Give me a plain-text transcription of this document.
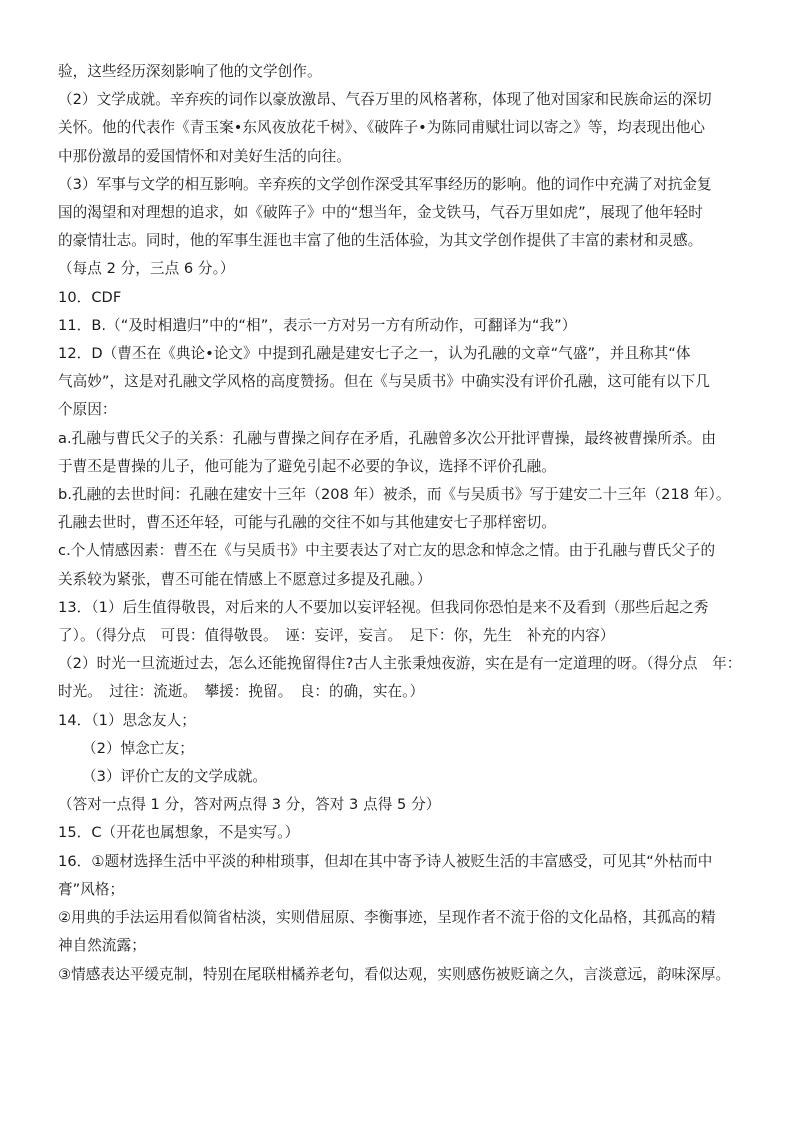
验，这些经历深刻影响了他的文学创作。
（2）文学成就。辛弃疾的词作以豪放激昂、气吞万里的风格著称，体现了他对国家和民族命运的深切
关怀。他的代表作《青玉案•东风夜放花千树》、《破阵子•为陈同甫赋壮词以寄之》等，均表现出他心
中那份激昂的爱国情怀和对美好生活的向往。
（3）军事与文学的相互影响。辛弃疾的文学创作深受其军事经历的影响。他的词作中充满了对抗金复
国的渴望和对理想的追求，如《破阵子》中的“想当年，金戈铁马，气吞万里如虎”，展现了他年轻时
的豪情壮志。同时，他的军事生涯也丰富了他的生活体验，为其文学创作提供了丰富的素材和灵感。
（每点 2 分，三点 6 分。）
10．CDF
11．B.（“及时相遣归”中的“相”，表示一方对另一方有所动作，可翻译为“我”）
12．D（曹丕在《典论•论文》中提到孔融是建安七子之一，认为孔融的文章“气盛”，并且称其“体
气高妙”，这是对孔融文学风格的高度赞扬。但在《与吴质书》中确实没有评价孔融，这可能有以下几
个原因：
a.孔融与曹氏父子的关系：孔融与曹操之间存在矛盾，孔融曾多次公开批评曹操，最终被曹操所杀。由
于曹丕是曹操的儿子，他可能为了避免引起不必要的争议，选择不评价孔融。
b.孔融的去世时间：孔融在建安十三年（208 年）被杀，而《与吴质书》写于建安二十三年（218 年）。
孔融去世时，曹丕还年轻，可能与孔融的交往不如与其他建安七子那样密切。
c.个人情感因素：曹丕在《与吴质书》中主要表达了对亡友的思念和悼念之情。由于孔融与曹氏父子的
关系较为紧张，曹丕可能在情感上不愿意过多提及孔融。）
13．（1）后生值得敬畏，对后来的人不要加以妄评轻视。但我同你恐怕是来不及看到（那些后起之秀
了）。（得分点　可畏：值得敬畏。　诬：妄评，妄言。　足下：你，先生　补充的内容）
（2）时光一旦流逝过去，怎么还能挽留得住?古人主张秉烛夜游，实在是有一定道理的呀。（得分点　年：
时光。　过往：流逝。　攀援：挽留。　良：的确，实在。）
14．（1）思念友人；
（2）悼念亡友；
（3）评价亡友的文学成就。
（答对一点得 1 分，答对两点得 3 分，答对 3 点得 5 分）
15．C（开花也属想象，不是实写。）
16．①题材选择生活中平淡的种柑琐事，但却在其中寄予诗人被贬生活的丰富感受，可见其“外枯而中
膏”风格；
②用典的手法运用看似简省枯淡，实则借屈原、李衡事迹，呈现作者不流于俗的文化品格，其孤高的精
神自然流露；
③情感表达平缓克制，特别在尾联柑橘养老句，看似达观，实则感伤被贬谪之久，言淡意远，韵味深厚。
